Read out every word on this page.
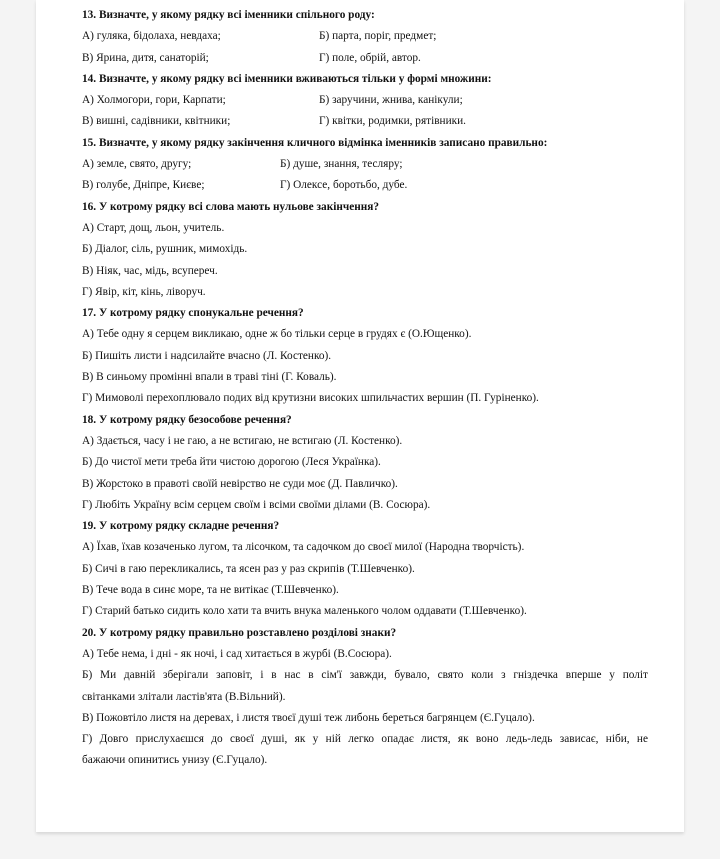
13. Визначте, у якому рядку всі іменники спільного роду:
А) гуляка, бідолаха, невдаха;	Б) парта, поріг, предмет;
В) Ярина, дитя, санаторій;	Г) поле, обрій, автор.
14. Визначте, у якому рядку всі іменники вживаються тільки у формі множини:
А) Холмогори, гори, Карпати;	Б) заручини, жнива, канікули;
В) вишні, садівники, квітники;	Г) квітки, родимки, рятівники.
15. Визначте, у якому рядку закінчення кличного відмінка іменників записано правильно:
А) земле, свято, другу;	Б) душе, знання, тесляру;
В) голубе, Дніпре, Києве;	Г) Олексе, боротьбо, дубе.
16. У котрому рядку всі слова мають нульове закінчення?
А) Старт, дощ, льон, учитель.
Б) Діалог, сіль, рушник, мимохідь.
В) Ніяк, час, мідь, всупереч.
Г) Явір, кіт, кінь, ліворуч.
17. У котрому рядку спонукальне речення?
А) Тебе одну я серцем викликаю, одне ж бо тільки серце в грудях є (О.Ющенко).
Б) Пишіть листи і надсилайте вчасно (Л. Костенко).
В) В синьому промінні впали в траві тіні (Г. Коваль).
Г) Мимоволі перехоплювало подих від крутизни високих шпильчастих вершин (П. Гуріненко).
18. У котрому рядку безособове речення?
А) Здається, часу і не гаю, а не встигаю, не встигаю (Л. Костенко).
Б) До чистої мети треба йти чистою дорогою (Леся Українка).
В) Жорстоко в правоті своїй невірство не суди моє (Д. Павличко).
Г) Любіть Україну всім серцем своїм і всіми своїми ділами (В. Сосюра).
19. У котрому рядку складне речення?
А) Їхав, їхав козаченько лугом, та лісочком, та садочком до своєї милої (Народна творчість).
Б) Сичі в гаю перекликались, та ясен раз у раз скрипів (Т.Шевченко).
В) Тече вода в синє море, та не витікає (Т.Шевченко).
Г) Старий батько сидить коло хати та вчить внука маленького чолом оддавати (Т.Шевченко).
20. У котрому рядку правильно розставлено розділові знаки?
А) Тебе нема, і дні - як ночі, і сад хитається в журбі (В.Сосюра).
Б) Ми давній зберігали заповіт, і в нас в сім'ї завжди, бувало, свято коли з гніздечка вперше у політ
світанками злітали ластів'ята (В.Вільний).
В) Пожовтіло листя на деревах, і листя твоєї душі теж либонь береться багрянцем (Є.Гуцало).
Г) Довго прислухаєшся до своєї душі, як у ній легко опадає листя, як воно ледь-ледь зависає, ніби, не
бажаючи опинитись унизу (Є.Гуцало).
